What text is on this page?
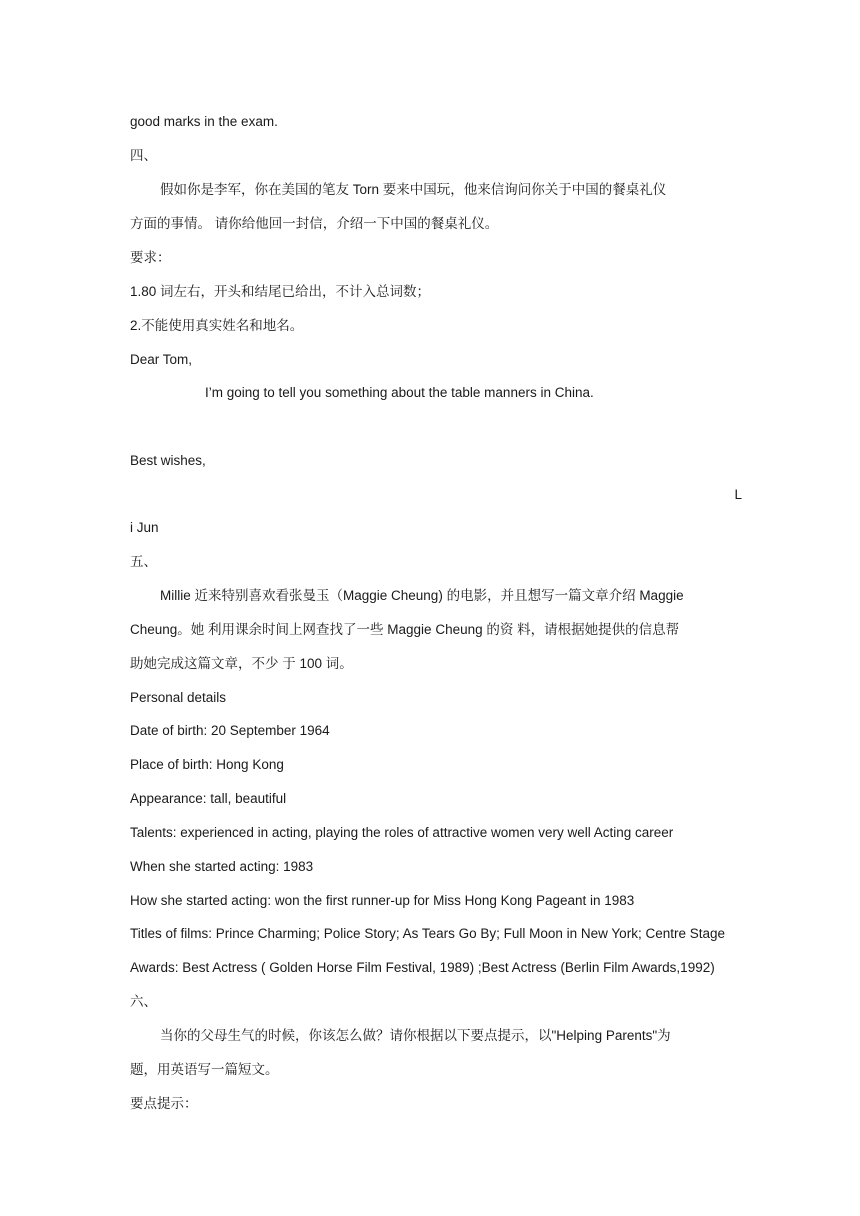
good marks in the exam.
四、
假如你是李军，你在美国的笔友 Torn 要来中国玩，他来信询问你关于中国的餐桌礼仪
方面的事情。 请你给他回一封信，介绍一下中国的餐桌礼仪。
要求：
1.80 词左右，开头和结尾已给出，不计入总词数；
2.不能使用真实姓名和地名。
Dear Tom,
I’m going to tell you something about the table manners in China.
Best wishes,
L
i Jun
五、
Millie 近来特别喜欢看张曼玉（Maggie Cheung) 的电影，并且想写一篇文章介绍 Maggie
Cheung。她 利用课余时间上网查找了一些 Maggie Cheung 的资 料，请根据她提供的信息帮
助她完成这篇文章，不少 于 100 词。
Personal details
Date of birth: 20 September 1964
Place of birth: Hong Kong
Appearance: tall, beautiful
Talents: experienced in acting, playing the roles of attractive women very well Acting career
When she started acting: 1983
How she started acting: won the first runner-up for Miss Hong Kong Pageant in 1983
Titles of films: Prince Charming; Police Story; As Tears Go By; Full Moon in New York; Centre Stage
Awards: Best Actress ( Golden Horse Film Festival, 1989) ;Best Actress (Berlin Film Awards,1992)
六、
当你的父母生气的时候，你该怎么做？请你根据以下要点提示，以"Helping Parents"为
题，用英语写一篇短文。
要点提示：
